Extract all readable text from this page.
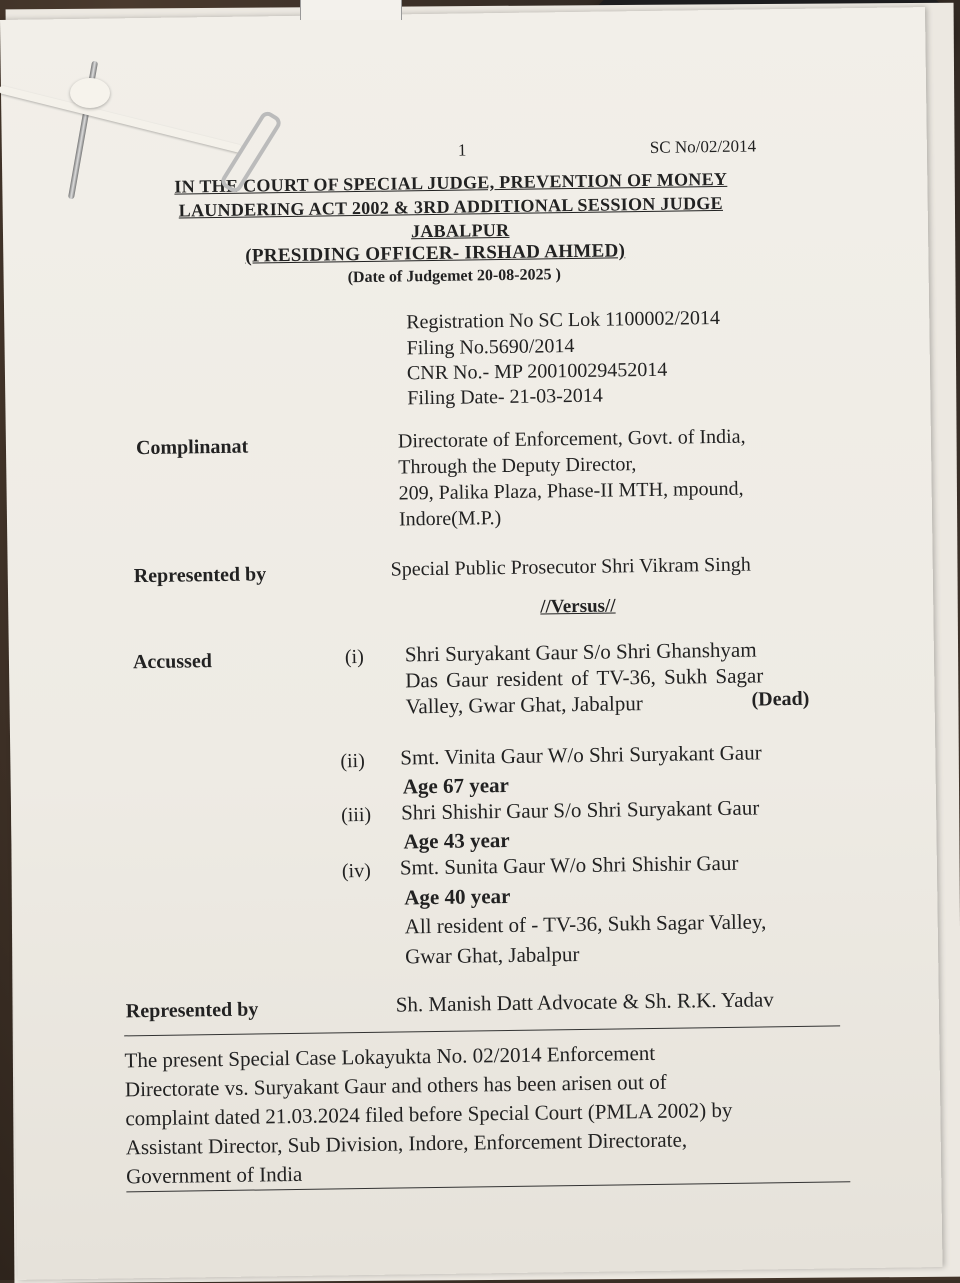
1	SC No/02/2014
IN THE COURT OF SPECIAL JUDGE, PREVENTION OF MONEY
LAUNDERING ACT 2002 & 3RD ADDITIONAL SESSION JUDGE
JABALPUR
(PRESIDING OFFICER- IRSHAD AHMED)
(Date of Judgemet 20-08-2025 )
Registration No SC Lok 1100002/2014
Filing No.5690/2014
CNR No.- MP 20010029452014
Filing Date- 21-03-2014
Complinanat	Directorate of Enforcement, Govt. of India,
Through the Deputy Director,
209, Palika Plaza, Phase-II MTH, mpound,
Indore(M.P.)
Represented by	Special Public Prosecutor Shri Vikram Singh
//Versus//
Accussed	(i) Shri Suryakant Gaur S/o Shri Ghanshyam
Das Gaur resident of TV-36, Sukh Sagar
Valley, Gwar Ghat, Jabalpur	(Dead)
(ii) Smt. Vinita Gaur W/o Shri Suryakant Gaur
Age 67 year
(iii) Shri Shishir Gaur S/o Shri Suryakant Gaur
Age 43 year
(iv) Smt. Sunita Gaur W/o Shri Shishir Gaur
Age 40 year
All resident of - TV-36, Sukh Sagar Valley,
Gwar Ghat, Jabalpur
Represented by	Sh. Manish Datt Advocate & Sh. R.K. Yadav
The present Special Case Lokayukta No. 02/2014 Enforcement
Directorate vs. Suryakant Gaur and others has been arisen out of
complaint dated 21.03.2024 filed before Special Court (PMLA 2002) by
Assistant Director, Sub Division, Indore, Enforcement Directorate,
Government of India
